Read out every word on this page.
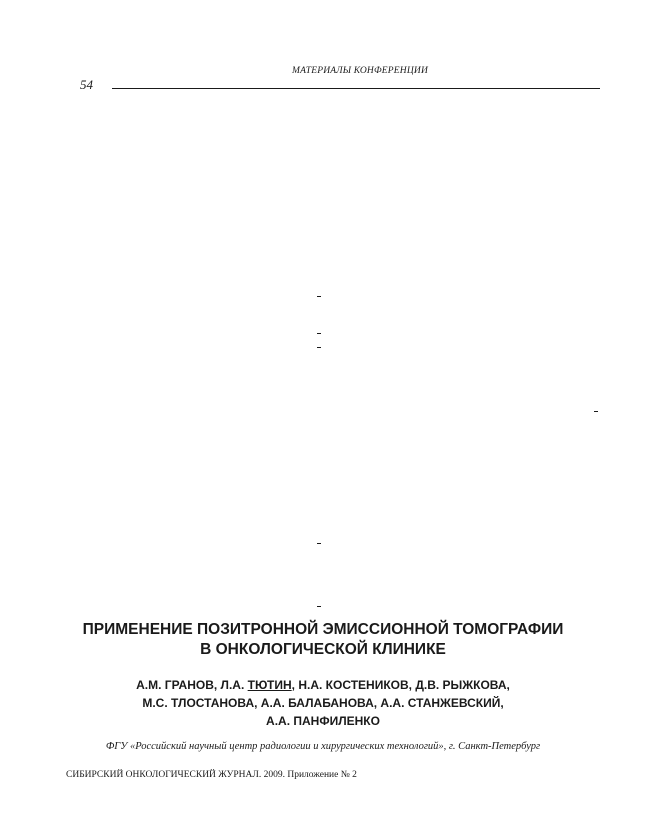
МАТЕРИАЛЫ КОНФЕРЕНЦИИ
54
ПРИМЕНЕНИЕ ПОЗИТРОННОЙ ЭМИССИОННОЙ ТОМОГРАФИИ
В ОНКОЛОГИЧЕСКОЙ КЛИНИКЕ
А.М. ГРАНОВ, Л.А. ТЮТИН, Н.А. КОСТЕНИКОВ, Д.В. РЫЖКОВА,
М.С. ТЛОСТАНОВА, А.А. БАЛАБАНОВА, А.А. СТАНЖЕВСКИЙ,
А.А. ПАНФИЛЕНКО
ФГУ «Российский научный центр радиологии и хирургических технологий», г. Санкт-Петербург
СИБИРСКИЙ ОНКОЛОГИЧЕСКИЙ ЖУРНАЛ. 2009. Приложение № 2
